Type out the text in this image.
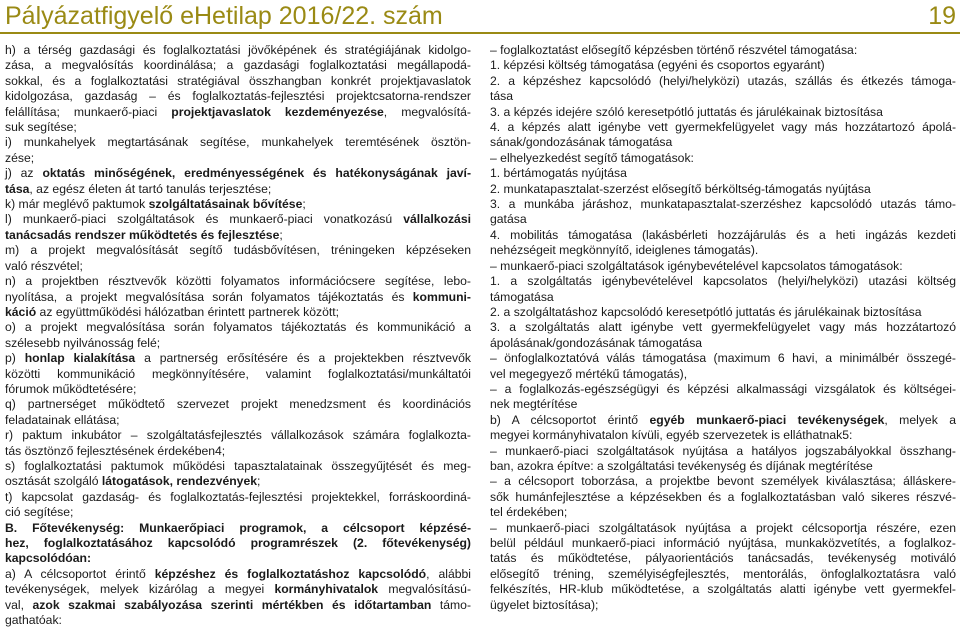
Pályázatfigyelő eHetilap 2016/22. szám	19

h) a térség gazdasági és foglalkoztatási jövőképének és stratégiájának kidolgo-

zása, a megvalósítás koordinálása; a gazdasági foglalkoztatási megállapodá-

sokkal, és a foglalkoztatási stratégiával összhangban konkrét projektjavaslatok

kidolgozása, gazdaság – és foglalkoztatás-fejlesztési projektcsatorna-rendszer

felállítása; munkaerő-piaci projektjavaslatok kezdeményezése, megvalósítá-

suk segítése;

i) munkahelyek megtartásának segítése, munkahelyek teremtésének ösztön-

zése;

j) az oktatás minőségének, eredményességének és hatékonyságának javí-

tása, az egész életen át tartó tanulás terjesztése;

k) már meglévő paktumok szolgáltatásainak bővítése;

l) munkaerő-piaci szolgáltatások és munkaerő-piaci vonatkozású vállalkozási

tanácsadás rendszer működtetés és fejlesztése;

m) a projekt megvalósítását segítő tudásbővítésen, tréningeken képzéseken

való részvétel;

n) a projektben résztvevők közötti folyamatos információcsere segítése, lebo-

nyolítása, a projekt megvalósítása során folyamatos tájékoztatás és kommuni-

káció az együttműködési hálózatban érintett partnerek között;

o) a projekt megvalósítása során folyamatos tájékoztatás és kommunikáció a

szélesebb nyilvánosság felé;

p) honlap kialakítása a partnerség erősítésére és a projektekben résztvevők

közötti kommunikáció megkönnyítésére, valamint foglalkoztatási/munkáltatói

fórumok működtetésére;

q) partnerséget működtető szervezet projekt menedzsment és koordinációs

feladatainak ellátása;

r) paktum inkubátor – szolgáltatásfejlesztés vállalkozások számára foglalkozta-

tás ösztönző fejlesztésének érdekében4;

s) foglalkoztatási paktumok működési tapasztalatainak összegyűjtését és meg-

osztását szolgáló látogatások, rendezvények;

t) kapcsolat gazdaság- és foglalkoztatás-fejlesztési projektekkel, forráskoordiná-

ció segítése;

B. Főtevékenység: Munkaerőpiaci programok, a célcsoport képzésé-

hez, foglalkoztatásához kapcsolódó programrészek (2. főtevékenység)

kapcsolódóan:

a) A célcsoportot érintő képzéshez és foglalkoztatáshoz kapcsolódó, alábbi

tevékenységek, melyek kizárólag a megyei kormányhivatalok megvalósítású-

val, azok szakmai szabályozása szerinti mértékben és időtartamban támo-

gathatóak:

– foglalkoztatást elősegítő képzésben történő részvétel támogatása:

1. képzési költség támogatása (egyéni és csoportos egyaránt)

2. a képzéshez kapcsolódó (helyi/helyközi) utazás, szállás és étkezés támoga-

tása

3. a képzés idejére szóló keresetpótló juttatás és járulékainak biztosítása

4. a képzés alatt igénybe vett gyermekfelügyelet vagy más hozzátartozó ápolá-

sának/gondozásának támogatása

– elhelyezkedést segítő támogatások:

1. bértámogatás nyújtása

2. munkatapasztalat-szerzést elősegítő bérköltség-támogatás nyújtása

3. a munkába járáshoz, munkatapasztalat-szerzéshez kapcsolódó utazás támo-

gatása

4. mobilitás támogatása (lakásbérleti hozzájárulás és a heti ingázás kezdeti

nehézségeit megkönnyítő, ideiglenes támogatás).

– munkaerő-piaci szolgáltatások igénybevételével kapcsolatos támogatások:

1. a szolgáltatás igénybevételével kapcsolatos (helyi/helyközi) utazási költség

támogatása

2. a szolgáltatáshoz kapcsolódó keresetpótló juttatás és járulékainak biztosítása

3. a szolgáltatás alatt igénybe vett gyermekfelügyelet vagy más hozzátartozó

ápolásának/gondozásának támogatása

– önfoglalkoztatóvá válás támogatása (maximum 6 havi, a minimálbér összegé-

vel megegyező mértékű támogatás),

– a foglalkozás-egészségügyi és képzési alkalmassági vizsgálatok és költségei-

nek megtérítése

b) A célcsoportot érintő egyéb munkaerő-piaci tevékenységek, melyek a

megyei kormányhivatalon kívüli, egyéb szervezetek is elláthatnak5:

– munkaerő-piaci szolgáltatások nyújtása a hatályos jogszabályokkal összhang-

ban, azokra építve: a szolgáltatási tevékenység és díjának megtérítése

– a célcsoport toborzása, a projektbe bevont személyek kiválasztása; álláskere-

sők humánfejlesztése a képzésekben és a foglalkoztatásban való sikeres részvé-

tel érdekében;

– munkaerő-piaci szolgáltatások nyújtása a projekt célcsoportja részére, ezen

belül például munkaerő-piaci információ nyújtása, munkaközvetítés, a foglalkoz-

tatás és működtetése, pályaorientációs tanácsadás, tevékenység motiváló

elősegítő tréning, személyiségfejlesztés, mentorálás, önfoglalkoztatásra való

felkészítés, HR-klub működtetése, a szolgáltatás alatti igénybe vett gyermekfel-

ügyelet biztosítása);
